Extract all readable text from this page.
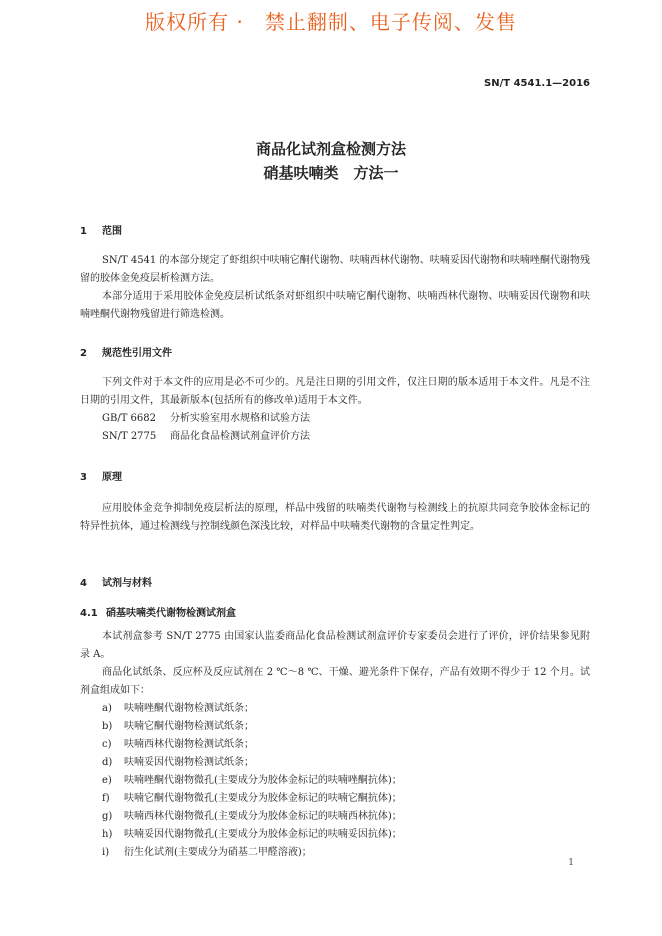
版权所有 ·　禁止翻制、电子传阅、发售
SN/T 4541.1—2016
商品化试剂盒检测方法
硝基呋喃类　方法一
1 范围
SN/T 4541 的本部分规定了虾组织中呋喃它酮代谢物、呋喃西林代谢物、呋喃妥因代谢物和呋喃唑酮代谢物残留的胶体金免疫层析检测方法。
本部分适用于采用胶体金免疫层析试纸条对虾组织中呋喃它酮代谢物、呋喃西林代谢物、呋喃妥因代谢物和呋喃唑酮代谢物残留进行筛选检测。
2 规范性引用文件
下列文件对于本文件的应用是必不可少的。凡是注日期的引用文件，仅注日期的版本适用于本文件。凡是不注日期的引用文件，其最新版本(包括所有的修改单)适用于本文件。
GB/T 6682 分析实验室用水规格和试验方法
SN/T 2775 商品化食品检测试剂盒评价方法
3 原理
应用胶体金竞争抑制免疫层析法的原理，样品中残留的呋喃类代谢物与检测线上的抗原共同竞争胶体金标记的特异性抗体，通过检测线与控制线颜色深浅比较，对样品中呋喃类代谢物的含量定性判定。
4 试剂与材料
4.1 硝基呋喃类代谢物检测试剂盒
本试剂盒参考 SN/T 2775 由国家认监委商品化食品检测试剂盒评价专家委员会进行了评价，评价结果参见附录 A。
商品化试纸条、反应杯及反应试剂在 2 ℃～8 ℃、干燥、避光条件下保存，产品有效期不得少于 12 个月。试剂盒组成如下：
a) 呋喃唑酮代谢物检测试纸条；
b) 呋喃它酮代谢物检测试纸条；
c) 呋喃西林代谢物检测试纸条；
d) 呋喃妥因代谢物检测试纸条；
e) 呋喃唑酮代谢物微孔(主要成分为胶体金标记的呋喃唑酮抗体)；
f) 呋喃它酮代谢物微孔(主要成分为胶体金标记的呋喃它酮抗体)；
g) 呋喃西林代谢物微孔(主要成分为胶体金标记的呋喃西林抗体)；
h) 呋喃妥因代谢物微孔(主要成分为胶体金标记的呋喃妥因抗体)；
i) 衍生化试剂(主要成分为硝基二甲醛溶液)；
1
